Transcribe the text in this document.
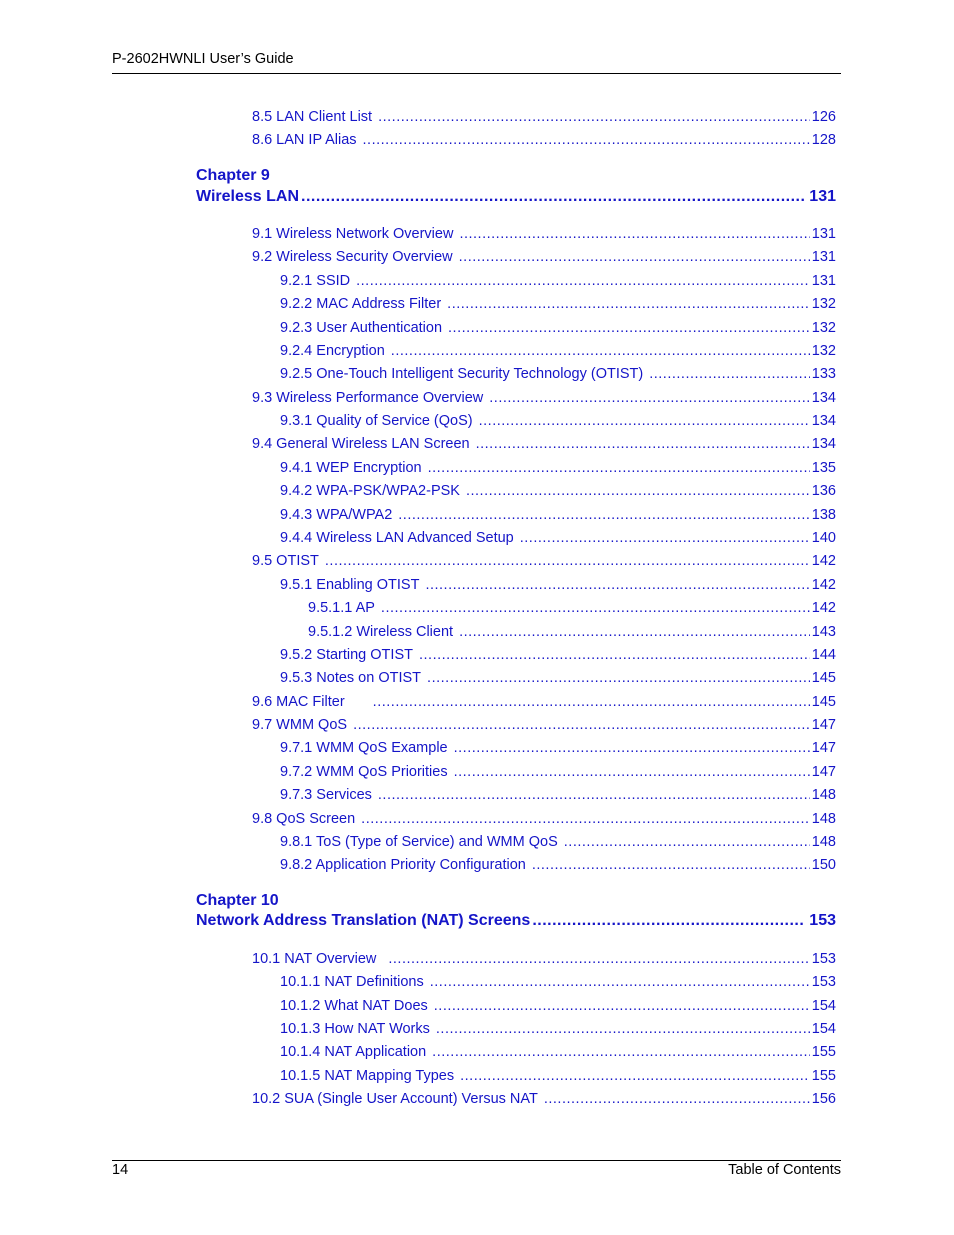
P-2602HWNLI User’s Guide
8.5 LAN Client List .....	126
8.6 LAN IP Alias .....	128
Chapter 9
Wireless LAN .....	131
9.1 Wireless Network Overview .....	131
9.2 Wireless Security Overview .....	131
9.2.1 SSID .....	131
9.2.2 MAC Address Filter .....	132
9.2.3 User Authentication .....	132
9.2.4 Encryption .....	132
9.2.5 One-Touch Intelligent Security Technology (OTIST) .....	133
9.3 Wireless Performance Overview .....	134
9.3.1 Quality of Service (QoS) .....	134
9.4 General Wireless LAN Screen .....	134
9.4.1 WEP Encryption .....	135
9.4.2 WPA-PSK/WPA2-PSK .....	136
9.4.3 WPA/WPA2 .....	138
9.4.4 Wireless LAN Advanced Setup .....	140
9.5 OTIST .....	142
9.5.1 Enabling OTIST .....	142
9.5.1.1 AP .....	142
9.5.1.2 Wireless Client .....	143
9.5.2 Starting OTIST .....	144
9.5.3 Notes on OTIST .....	145
9.6 MAC Filter .....	145
9.7 WMM QoS .....	147
9.7.1 WMM QoS Example .....	147
9.7.2 WMM QoS Priorities .....	147
9.7.3 Services .....	148
9.8 QoS Screen .....	148
9.8.1 ToS (Type of Service) and WMM QoS .....	148
9.8.2 Application Priority Configuration .....	150
Chapter 10
Network Address Translation (NAT) Screens .....	153
10.1 NAT Overview .....	153
10.1.1 NAT Definitions .....	153
10.1.2 What NAT Does .....	154
10.1.3 How NAT Works .....	154
10.1.4 NAT Application .....	155
10.1.5 NAT Mapping Types .....	155
10.2 SUA (Single User Account) Versus NAT .....	156
14	Table of Contents
